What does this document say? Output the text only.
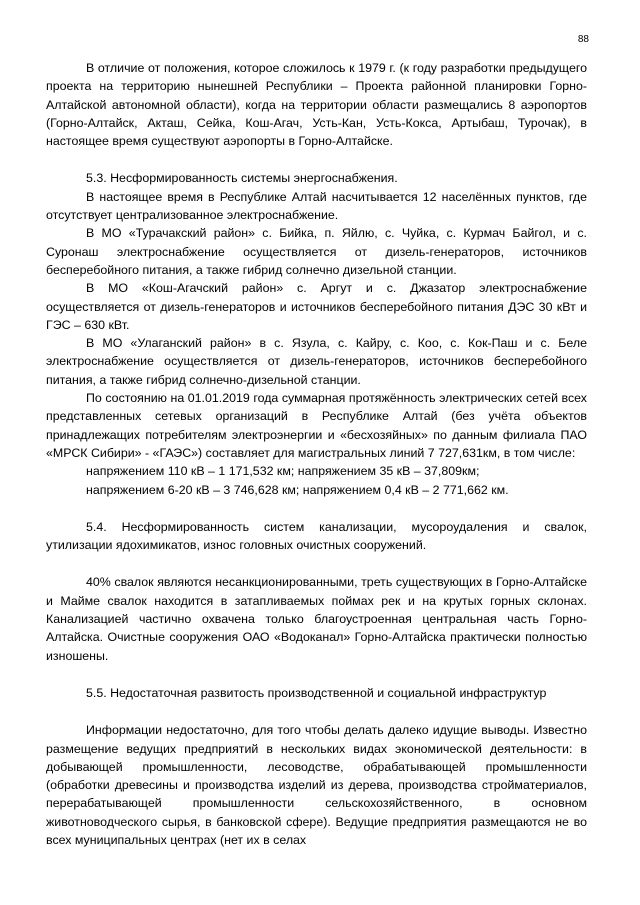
88

В отличие от положения, которое сложилось к 1979 г. (к году разработки предыдущего проекта на территорию нынешней Республики – Проекта районной планировки Горно-Алтайской автономной области), когда на территории области размещались 8 аэропортов (Горно-Алтайск, Акташ, Сейка, Кош-Агач, Усть-Кан, Усть-Кокса, Артыбаш, Турочак), в настоящее время существуют аэропорты в Горно-Алтайске.

5.3. Несформированность системы энергоснабжения.

В настоящее время в Республике Алтай насчитывается 12 населённых пунктов, где отсутствует централизованное электроснабжение.

В МО «Турачакский район» с. Бийка, п. Яйлю, с. Чуйка, с. Курмач Байгол, и с. Суронаш электроснабжение осуществляется от дизель-генераторов, источников бесперебойного питания, а также гибрид солнечно дизельной станции.

В МО «Кош-Агачский район» с. Аргут и с. Джазатор электроснабжение осуществляется от дизель-генераторов и источников бесперебойного питания ДЭС 30 кВт и ГЭС – 630 кВт.

В МО «Улаганский район» в с. Язула, с. Кайру, с. Коо, с. Кок-Паш и с. Беле электроснабжение осуществляется от дизель-генераторов, источников бесперебойного питания, а также гибрид солнечно-дизельной станции.

По состоянию на 01.01.2019 года суммарная протяжённость электрических сетей всех представленных сетевых организаций в Республике Алтай (без учёта объектов принадлежащих потребителям электроэнергии и «бесхозяйных» по данным филиала ПАО «МРСК Сибири» - «ГАЭС») составляет для магистральных линий 7 727,631км, в том числе:

напряжением 110 кВ – 1 171,532 км; напряжением 35 кВ – 37,809км;

напряжением 6-20 кВ – 3 746,628 км; напряжением 0,4 кВ – 2 771,662 км.

5.4. Несформированность систем канализации, мусороудаления и свалок, утилизации ядохимикатов, износ головных очистных сооружений.

40% свалок являются несанкционированными, треть существующих в Горно-Алтайске и Майме свалок находится в затапливаемых поймах рек и на крутых горных склонах. Канализацией частично охвачена только благоустроенная центральная часть Горно-Алтайска. Очистные сооружения ОАО «Водоканал» Горно-Алтайска практически полностью изношены.

5.5. Недостаточная развитость производственной и социальной инфраструктур

Информации недостаточно, для того чтобы делать далеко идущие выводы. Известно размещение ведущих предприятий в нескольких видах экономической деятельности: в добывающей промышленности, лесоводстве, обрабатывающей промышленности (обработки древесины и производства изделий из дерева, производства стройматериалов, перерабатывающей промышленности сельскохозяйственного, в основном животноводческого сырья, в банковской сфере). Ведущие предприятия размещаются не во всех муниципальных центрах (нет их в селах
